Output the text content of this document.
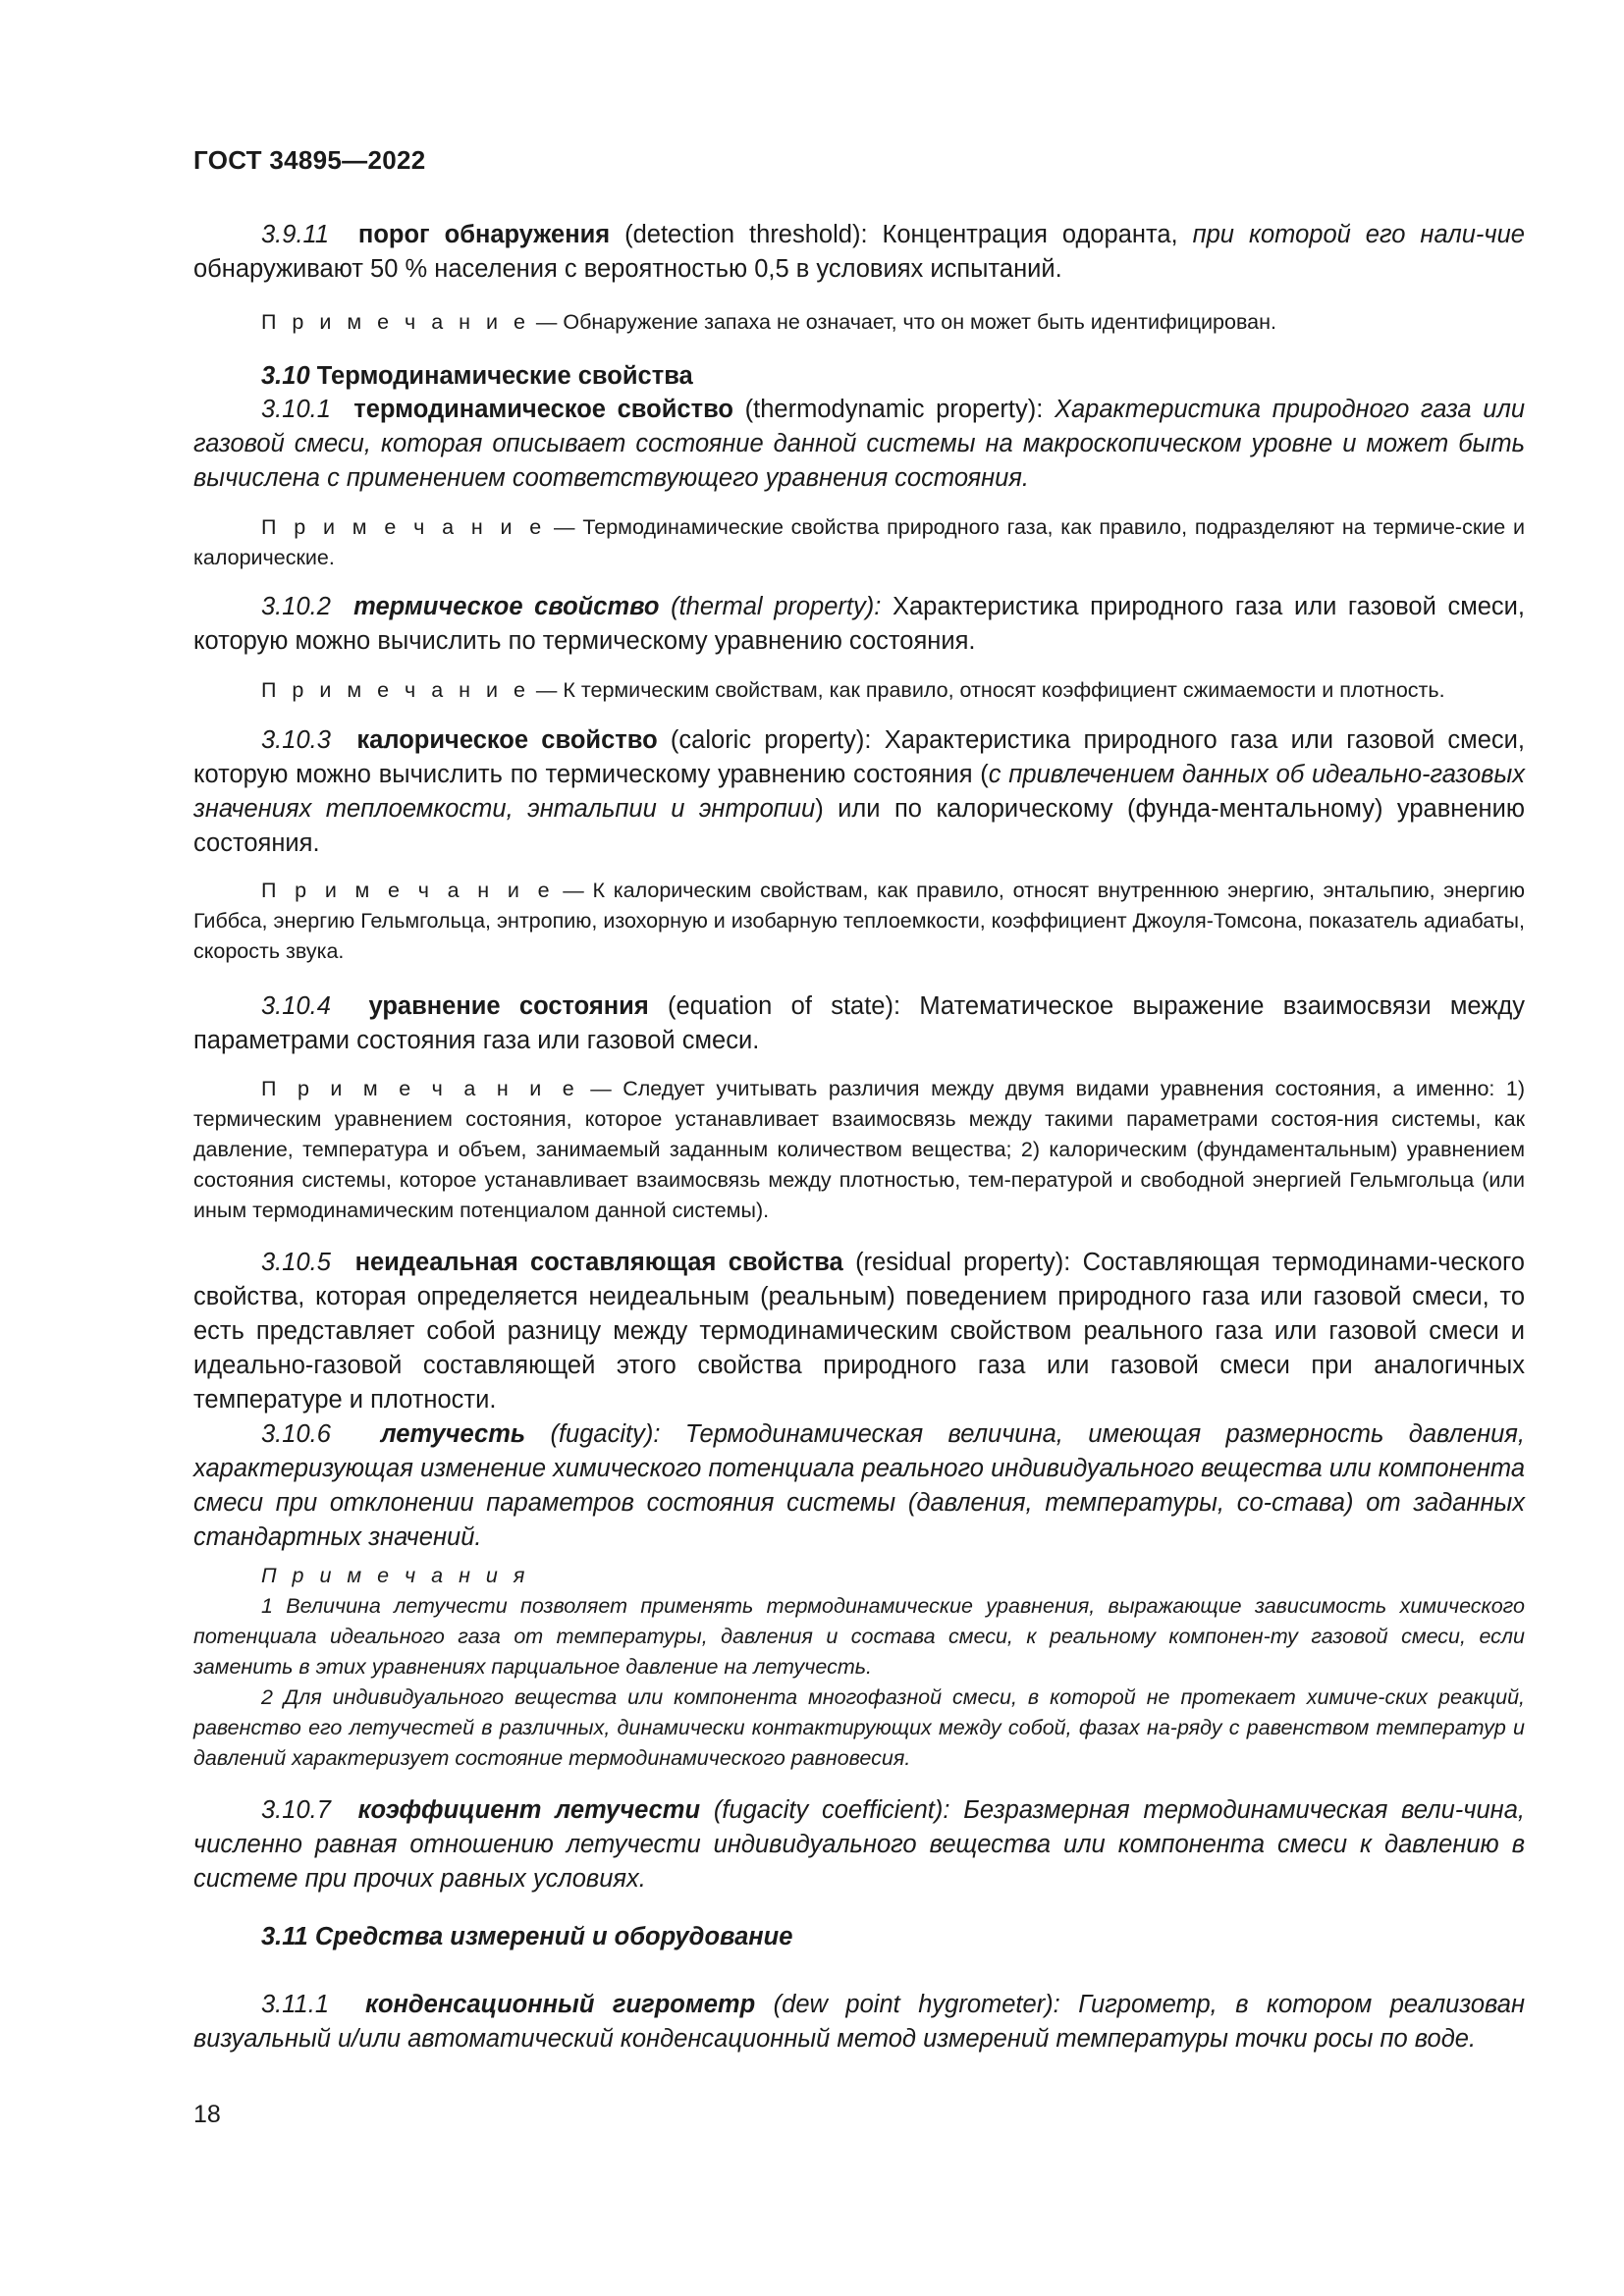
ГОСТ 34895—2022

3.9.11 порог обнаружения (detection threshold): Концентрация одоранта, при которой его нали-чие обнаруживают 50 % населения с вероятностью 0,5 в условиях испытаний.

П р и м е ч а н и е — Обнаружение запаха не означает, что он может быть идентифицирован.

3.10 Термодинамические свойства

3.10.1 термодинамическое свойство (thermodynamic property): Характеристика природного газа или газовой смеси, которая описывает состояние данной системы на макроскопическом уровне и может быть вычислена с применением соответствующего уравнения состояния.

П р и м е ч а н и е — Термодинамические свойства природного газа, как правило, подразделяют на термиче-ские и калорические.

3.10.2 термическое свойство (thermal property): Характеристика природного газа или газовой смеси, которую можно вычислить по термическому уравнению состояния.

П р и м е ч а н и е — К термическим свойствам, как правило, относят коэффициент сжимаемости и плотность.

3.10.3 калорическое свойство (caloric property): Характеристика природного газа или газовой смеси, которую можно вычислить по термическому уравнению состояния (с привлечением данных об идеально-газовых значениях теплоемкости, энтальпии и энтропии) или по калорическому (фунда-ментальному) уравнению состояния.

П р и м е ч а н и е — К калорическим свойствам, как правило, относят внутреннюю энергию, энтальпию, энергию Гиббса, энергию Гельмгольца, энтропию, изохорную и изобарную теплоемкости, коэффициент Джоуля-Томсона, показатель адиабаты, скорость звука.

3.10.4 уравнение состояния (equation of state): Математическое выражение взаимосвязи между параметрами состояния газа или газовой смеси.

П р и м е ч а н и е — Следует учитывать различия между двумя видами уравнения состояния, а именно: 1) термическим уравнением состояния, которое устанавливает взаимосвязь между такими параметрами состоя-ния системы, как давление, температура и объем, занимаемый заданным количеством вещества; 2) калорическим (фундаментальным) уравнением состояния системы, которое устанавливает взаимосвязь между плотностью, тем-пературой и свободной энергией Гельмгольца (или иным термодинамическим потенциалом данной системы).

3.10.5 неидеальная составляющая свойства (residual property): Составляющая термодинами-ческого свойства, которая определяется неидеальным (реальным) поведением природного газа или газовой смеси, то есть представляет собой разницу между термодинамическим свойством реального газа или газовой смеси и идеально-газовой составляющей этого свойства природного газа или газовой смеси при аналогичных температуре и плотности.

3.10.6 летучесть (fugacity): Термодинамическая величина, имеющая размерность давления, характеризующая изменение химического потенциала реального индивидуального вещества или компонента смеси при отклонении параметров состояния системы (давления, температуры, со-става) от заданных стандартных значений.

П р и м е ч а н и я

1 Величина летучести позволяет применять термодинамические уравнения, выражающие зависимость химического потенциала идеального газа от температуры, давления и состава смеси, к реальному компонен-ту газовой смеси, если заменить в этих уравнениях парциальное давление на летучесть.

2 Для индивидуального вещества или компонента многофазной смеси, в которой не протекает химиче-ских реакций, равенство его летучестей в различных, динамически контактирующих между собой, фазах на-ряду с равенством температур и давлений характеризует состояние термодинамического равновесия.

3.10.7 коэффициент летучести (fugacity coefficient): Безразмерная термодинамическая вели-чина, численно равная отношению летучести индивидуального вещества или компонента смеси к давлению в системе при прочих равных условиях.

3.11 Средства измерений и оборудование

3.11.1 конденсационный гигрометр (dew point hygrometer): Гигрометр, в котором реализован визуальный и/или автоматический конденсационный метод измерений температуры точки росы по воде.

18
